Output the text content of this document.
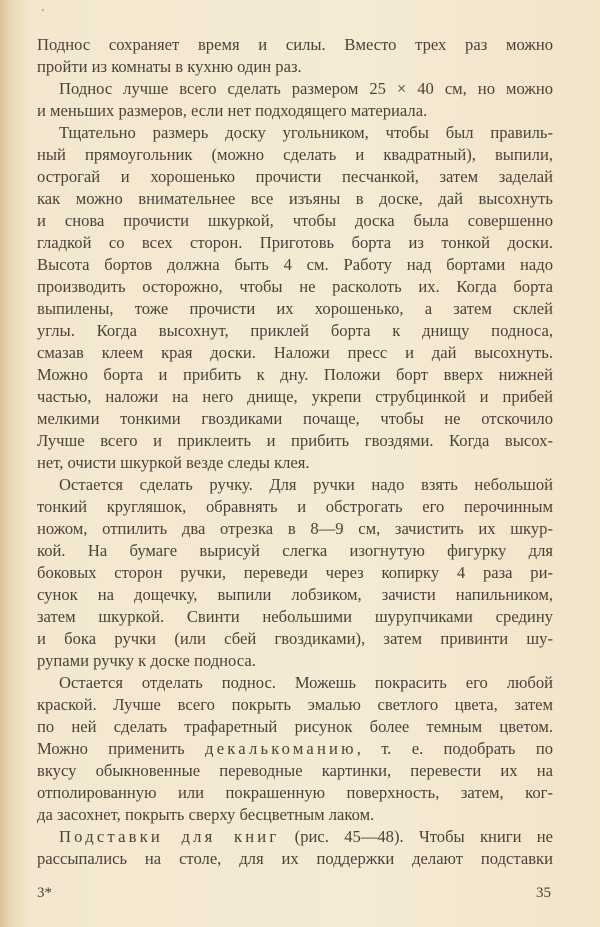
'
Поднос сохраняет время и силы. Вместо трех раз можно
пройти из комнаты в кухню один раз.
Поднос лучше всего сделать размером 25 × 40 см, но можно
и меньших размеров, если нет подходящего материала.
Тщательно размерь доску угольником, чтобы был правиль-
ный прямоугольник (можно сделать и квадратный), выпили,
острогай и хорошенько прочисти песчанкой, затем заделай
как можно внимательнее все изъяны в доске, дай высохнуть
и снова прочисти шкуркой, чтобы доска была совершенно
гладкой со всех сторон. Приготовь борта из тонкой доски.
Высота бортов должна быть 4 см. Работу над бортами надо
производить осторожно, чтобы не расколоть их. Когда борта
выпилены, тоже прочисти их хорошенько, а затем склей
углы. Когда высохнут, приклей борта к днищу подноса,
смазав клеем края доски. Наложи пресс и дай высохнуть.
Можно борта и прибить к дну. Положи борт вверх нижней
частью, наложи на него днище, укрепи струбцинкой и прибей
мелкими тонкими гвоздиками почаще, чтобы не отскочило
Лучше всего и приклеить и прибить гвоздями. Когда высох-
нет, очисти шкуркой везде следы клея.
Остается сделать ручку. Для ручки надо взять небольшой
тонкий кругляшок, обравнять и обстрогать его перочинным
ножом, отпилить два отрезка в 8—9 см, зачистить их шкур-
кой. На бумаге вырисуй слегка изогнутую фигурку для
боковых сторон ручки, переведи через копирку 4 раза ри-
сунок на дощечку, выпили лобзиком, зачисти напильником,
затем шкуркой. Свинти небольшими шурупчиками средину
и бока ручки (или сбей гвоздиками), затем привинти шу-
рупами ручку к доске подноса.
Остается отделать поднос. Можешь покрасить его любой
краской. Лучше всего покрыть эмалью светлого цвета, затем
по ней сделать трафаретный рисунок более темным цветом.
Можно применить декалькоманию, т. е. подобрать по
вкусу обыкновенные переводные картинки, перевести их на
отполированную или покрашенную поверхность, затем, ког-
да засохнет, покрыть сверху бесцветным лаком.
Подставки для книг (рис. 45—48). Чтобы книги не
рассыпались на столе, для их поддержки делают подставки
3*	35
